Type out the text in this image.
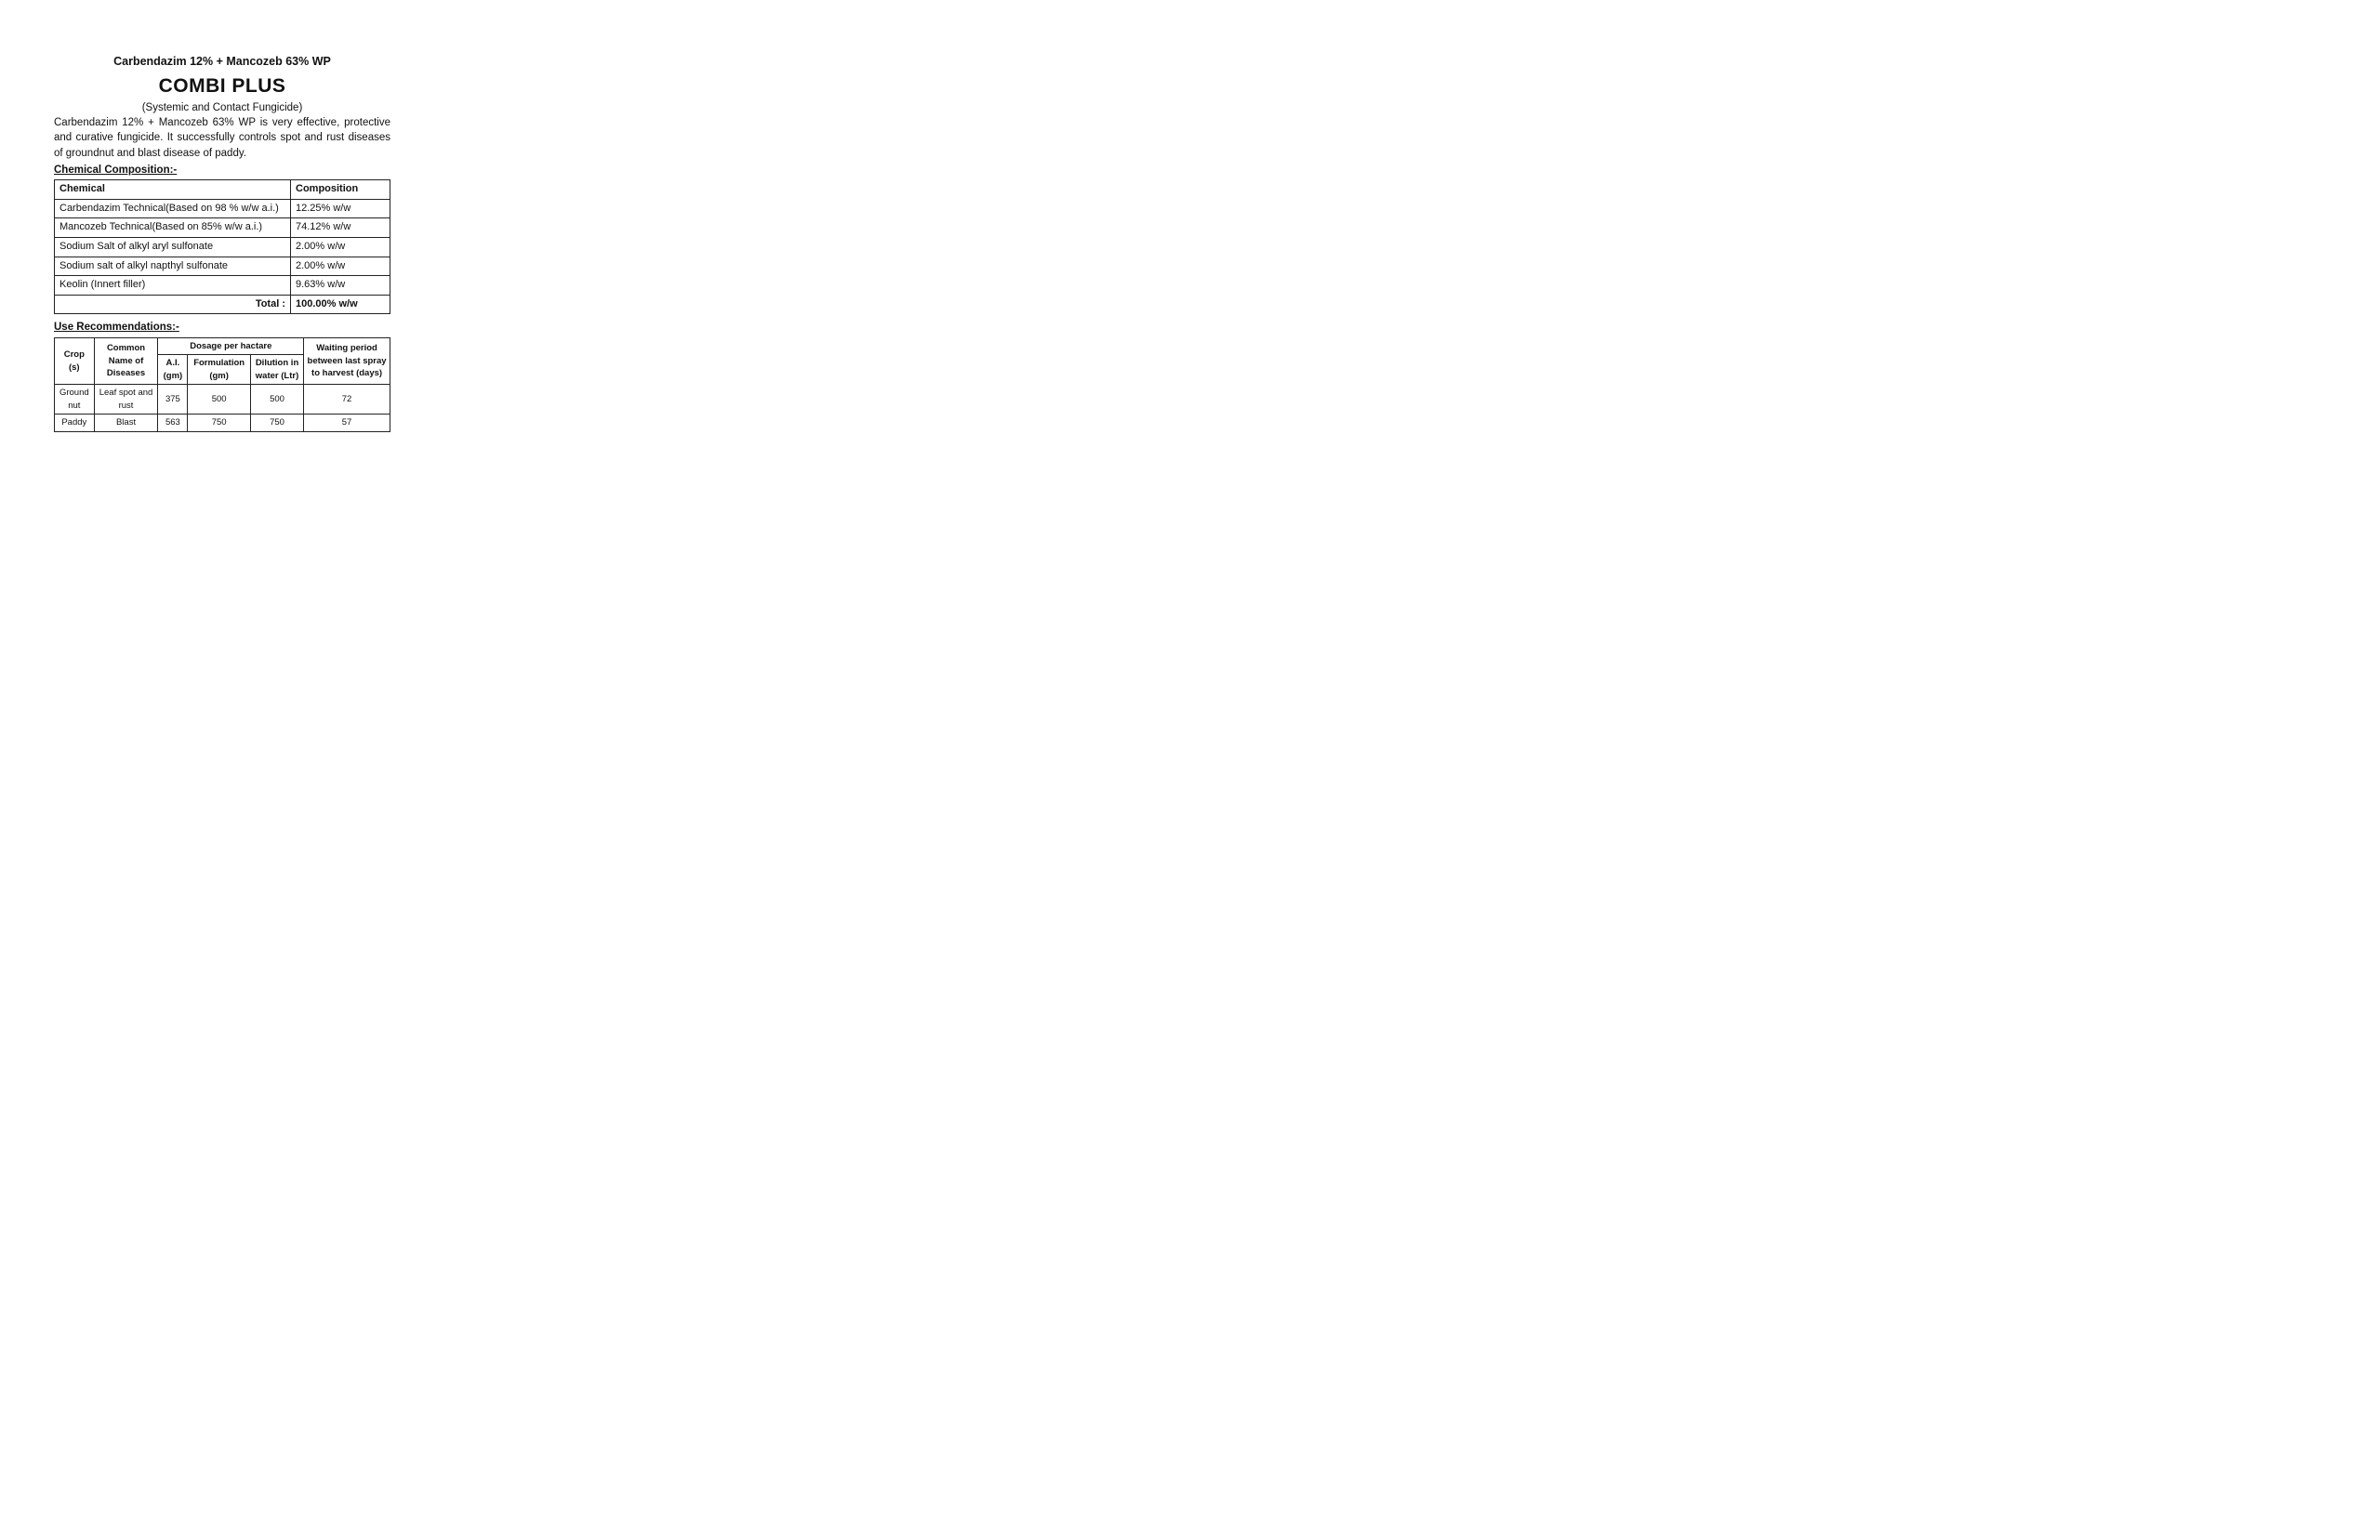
Carbendazim 12% + Mancozeb 63% WP
COMBI PLUS
(Systemic and Contact Fungicide)

Carbendazim 12% + Mancozeb 63% WP is very effective, protective and curative fungicide. It successfully controls spot and rust diseases of groundnut and blast disease of paddy.

Chemical Composition:-
Chemical	Composition
Carbendazim Technical(Based on 98 % w/w a.i.)	12.25% w/w
Mancozeb Technical(Based on 85% w/w a.i.)	74.12% w/w
Sodium Salt of alkyl aryl sulfonate	2.00% w/w
Sodium salt of alkyl napthyl sulfonate	2.00% w/w
Keolin (Innert filler)	9.63% w/w
Total :	100.00% w/w
Use Recommendations:-
Crop (s)	Common Name of Diseases	Dosage per hactare			Waiting period between last spray to harvest (days)
		A.I. (gm)	Formulation (gm)	Dilution in water (Ltr)	
Ground nut	Leaf spot and rust	375	500	500	72
Paddy	Blast	563	750	750	57
